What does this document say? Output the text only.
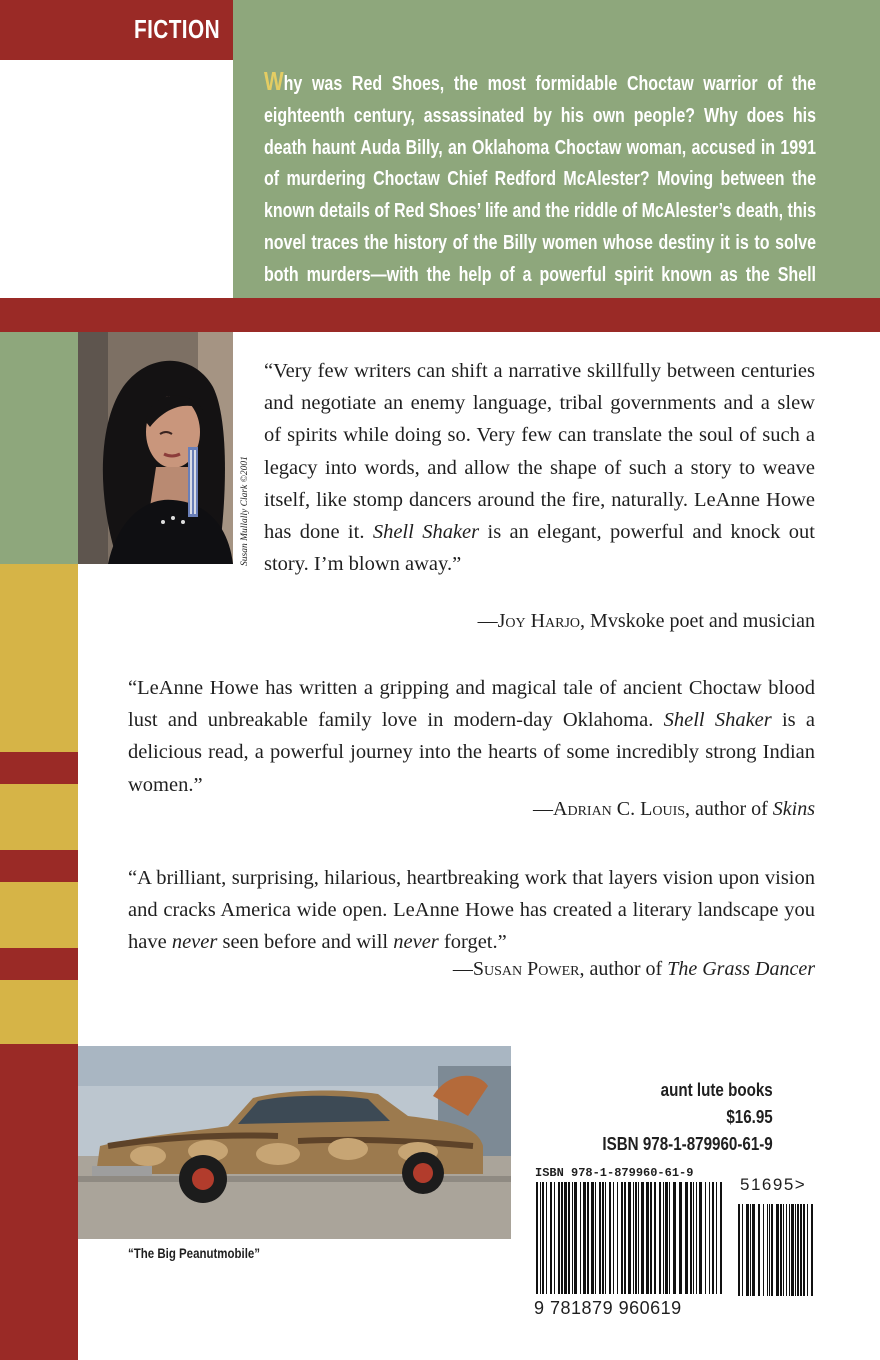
FICTION
Why was Red Shoes, the most formidable Choctaw warrior of the eighteenth century, assassinated by his own people? Why does his death haunt Auda Billy, an Oklahoma Choctaw woman, accused in 1991 of murdering Choctaw Chief Redford McAlester? Moving between the known details of Red Shoes’ life and the riddle of McAlester’s death, this novel traces the history of the Billy women whose destiny it is to solve both murders—with the help of a powerful spirit known as the Shell
Susan Mullally Clark ©2001
“Very few writers can shift a narrative skillfully between centuries and negotiate an enemy language, tribal governments and a slew of spirits while doing so. Very few can translate the soul of such a legacy into words, and allow the shape of such a story to weave itself, like stomp dancers around the fire, naturally. LeAnne Howe has done it. Shell Shaker is an elegant, powerful and knock out story. I’m blown away.”
—Joy Harjo, Mvskoke poet and musician
“LeAnne Howe has written a gripping and magical tale of ancient Choctaw blood lust and unbreakable family love in modern-day Oklahoma. Shell Shaker is a delicious read, a powerful journey into the hearts of some incredibly strong Indian women.”
—Adrian C. Louis, author of Skins
“A brilliant, surprising, hilarious, heartbreaking work that layers vision upon vision and cracks America wide open. LeAnne Howe has created a literary landscape you have never seen before and will never forget.”
—Susan Power, author of The Grass Dancer
“The Big Peanutmobile”
aunt lute books
$16.95
ISBN 978-1-879960-61-9
ISBN 978-1-879960-61-9
9 781879 960619
51695>
